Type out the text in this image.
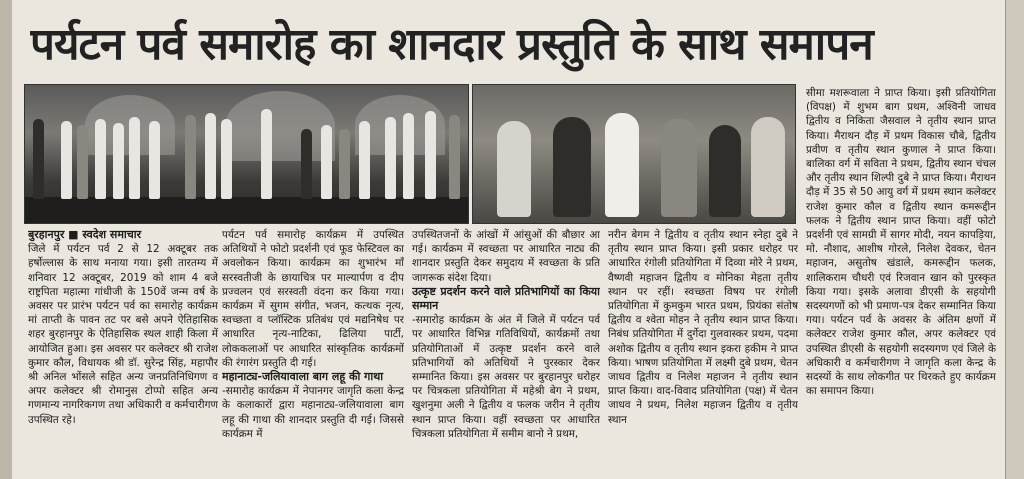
पर्यटन पर्व समारोह का शानदार प्रस्तुति के साथ समापन

बुरहानपुर ■ स्वदेश समाचार

जिले में पर्यटन पर्व 2 से 12 अक्टूबर तक हर्षोल्लास के साथ मनाया गया। इसी तारतम्य में शनिवार 12 अक्टूबर, 2019 को शाम 4 बजे राष्ट्रपिता महात्मा गांधीजी के 150वें जन्म वर्ष के अवसर पर प्रारंभ पर्यटन पर्व का समारोह कार्यक्रम मां ताप्ती के पावन तट पर बसे अपने ऐतिहासिक शहर बुरहानपुर के ऐतिहासिक स्थल शाही किला में आयोजित हुआ। इस अवसर पर कलेक्टर श्री राजेश कुमार कौल, विधायक श्री डॉ. सुरेन्द्र सिंह, महापौर श्री अनिल भोंसले सहित अन्य जनप्रतिनिधिगण व अपर कलेक्टर श्री रोमानुस टोप्पो सहित अन्य गणमान्य नागरिकगण तथा अधिकारी व कर्मचारीगण उपस्थित रहे।

पर्यटन पर्व समारोह कार्यक्रम में उपस्थित अतिथियों ने फोटो प्रदर्शनी एवं फूड फेस्टिवल का अवलोकन किया। कार्यक्रम का शुभारंभ मॉं सरस्वतीजी के छायाचित्र पर माल्यार्पण व दीप प्रज्वलन एवं सरस्वती वंदना कर किया गया। कार्यक्रम में सुगम संगीत, भजन, कत्थक नृत्य, स्वच्छता व प्लॉस्टिक प्रतिबंध एवं मद्यनिषेध पर आधारित नृत्य-नाटिका, ढिलिया पार्टी, लोककलाओं पर आधारित सांस्कृतिक कार्यक्रमों की रंगारंग प्रस्तुति दी गई।

महानाट्य-जलियावाला बाग लहू की गाथा

-समारोह कार्यक्रम में नेपानगर जागृति कला केन्द्र के कलाकारों द्वारा महानाट्य-जलियावाला बाग लहू की गाथा की शानदार प्रस्तुति दी गई। जिससे कार्यक्रम में

उपस्थितजनों के आंखों में आंसुओं की बौछार आ गई। कार्यक्रम में स्वच्छता पर आधारित नाट्य की शानदार प्रस्तुति देकर समुदाय में स्वच्छता के प्रति जागरूक संदेश दिया।

उत्कृष्ट प्रदर्शन करने वाले प्रतिभागियों का किया सम्मान

-समारोह कार्यक्रम के अंत में जिले में पर्यटन पर्व पर आधारित विभिन्न गतिविधियों, कार्यक्रमों तथा प्रतियोगिताओं में उत्कृष्ट प्रदर्शन करने वाले प्रतिभागियों को अतिथियों ने पुरस्कार देकर सम्मानित किया। इस अवसर पर बुरहानपुर धरोहर पर चित्रकला प्रतियोगिता में महेश्री बेग ने प्रथम, खुशनुमा अली ने द्वितीय व फलक जरीन ने तृतीय स्थान प्राप्त किया। वहीं स्वच्छता पर आधारित चित्रकला प्रतियोगिता में समीम बानो ने प्रथम,

नरीन बेगम ने द्वितीय व तृतीय स्थान स्नेहा दुबे ने तृतीय स्थान प्राप्त किया। इसी प्रकार धरोहर पर आधारित रंगोली प्रतियोगिता में दिव्या मोरे ने प्रथम, वैष्णवी महाजन द्वितीय व मोनिका मेहता तृतीय स्थान पर रहीं। स्वच्छता विषय पर रंगोली प्रतियोगिता में कुमकुम भारत प्रथम, प्रियंका संतोष द्वितीय व श्वेता मोहन ने तृतीय स्थान प्राप्त किया। निबंध प्रतियोगिता में दुर्गेदा गुलवास्कर प्रथम, पदमा अशोक द्वितीय व तृतीय स्थान इकरा हकीम ने प्राप्त किया। भाषण प्रतियोगिता में लक्ष्मी दुबे प्रथम, चेतन जाधव द्वितीय व निलेश महाजन ने तृतीय स्थान प्राप्त किया। वाद-विवाद प्रतियोगिता (पक्ष) में चेतन जाधव ने प्रथम, निलेश महाजन द्वितीय व तृतीय स्थान

सीमा मशरूवाला ने प्राप्त किया। इसी प्रतियोगिता (विपक्ष) में शुभम बाग प्रथम, अश्विनी जाधव द्वितीय व निकिता जैसवाल ने तृतीय स्थान प्राप्त किया। मैराथन दौड़ में प्रथम विकास चौबे, द्वितीय प्रवीण व तृतीय स्थान कुणाल ने प्राप्त किया। बालिका वर्ग में सविता ने प्रथम, द्वितीय स्थान चंचल और तृतीय स्थान शिल्पी दुबे ने प्राप्त किया। मैराथन दौड़ में 35 से 50 आयु वर्ग में प्रथम स्थान कलेक्टर राजेश कुमार कौल व द्वितीय स्थान कमरूद्दीन फलक ने द्वितीय स्थान प्राप्त किया। वहीं फोटो प्रदर्शनी एवं सामग्री में सागर मोदी, नयन कापड़िया, मो. नौशाद, आशीष गोरले, निलेश देवकर, चेतन महाजन, असुतोष खंडाले, कमरूद्दीन फलक, शालिकराम चौधरी एवं रिजवान खान को पुरस्कृत किया गया। इसके अलावा डीएसी के सहयोगी सदस्यगणों को भी प्रमाण-पत्र देकर सम्मानित किया गया। पर्यटन पर्व के अवसर के अंतिम क्षणों में कलेक्टर राजेश कुमार कौल, अपर कलेक्टर एवं उपस्थित डीएसी के सहयोगी सदस्यगण एवं जिले के अधिकारी व कर्मचारीगण ने जागृति कला केन्द्र के सदस्यों के साथ लोकगीत पर थिरकते हुए कार्यक्रम का समापन किया।
